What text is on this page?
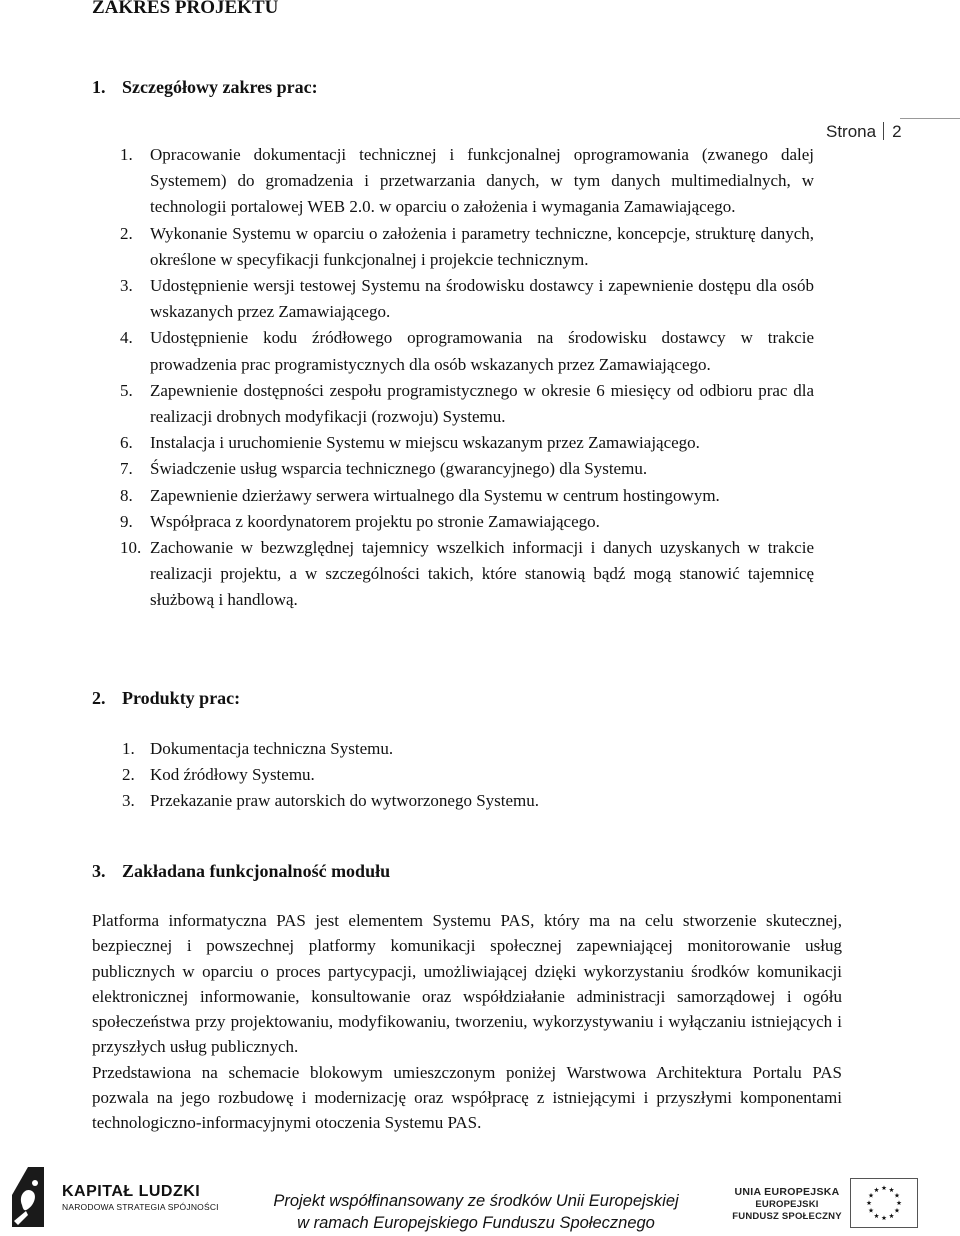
ZAKRES PROJEKTU
Strona 2
1. Szczegółowy zakres prac:
1. Opracowanie dokumentacji technicznej i funkcjonalnej oprogramowania (zwanego dalej Systemem) do gromadzenia i przetwarzania danych, w tym danych multimedialnych, w technologii portalowej WEB 2.0. w oparciu o założenia i wymagania Zamawiającego.
2. Wykonanie Systemu w oparciu o założenia i parametry techniczne, koncepcje, strukturę danych, określone w specyfikacji funkcjonalnej i projekcie technicznym.
3. Udostępnienie wersji testowej Systemu na środowisku dostawcy i zapewnienie dostępu dla osób wskazanych przez Zamawiającego.
4. Udostępnienie kodu źródłowego oprogramowania na środowisku dostawcy w trakcie prowadzenia prac programistycznych dla osób wskazanych przez Zamawiającego.
5. Zapewnienie dostępności zespołu programistycznego w okresie 6 miesięcy od odbioru prac dla realizacji drobnych modyfikacji (rozwoju) Systemu.
6. Instalacja i uruchomienie Systemu w miejscu wskazanym przez Zamawiającego.
7. Świadczenie usług wsparcia technicznego (gwarancyjnego) dla Systemu.
8. Zapewnienie dzierżawy serwera wirtualnego dla Systemu w centrum hostingowym.
9. Współpraca z koordynatorem projektu po stronie Zamawiającego.
10. Zachowanie w bezwzględnej tajemnicy wszelkich informacji i danych uzyskanych w trakcie realizacji projektu, a w szczególności takich, które stanowią bądź mogą stanowić tajemnicę służbową i handlową.
2. Produkty prac:
1. Dokumentacja techniczna Systemu.
2. Kod źródłowy Systemu.
3. Przekazanie praw autorskich do wytworzonego Systemu.
3. Zakładana funkcjonalność modułu

Platforma informatyczna PAS jest elementem Systemu PAS, który ma na celu stworzenie skutecznej, bezpiecznej i powszechnej platformy komunikacji społecznej zapewniającej monitorowanie usług publicznych w oparciu o proces partycypacji, umożliwiającej dzięki wykorzystaniu środków komunikacji elektronicznej informowanie, konsultowanie oraz współdziałanie administracji samorządowej i ogółu społeczeństwa przy projektowaniu, modyfikowaniu, tworzeniu, wykorzystywaniu i wyłączaniu istniejących i przyszłych usług publicznych.

Przedstawiona na schemacie blokowym umieszczonym poniżej Warstwowa Architektura Portalu PAS pozwala na jego rozbudowę i modernizację oraz współpracę z istniejącymi i przyszłymi komponentami technologiczno-informacyjnymi otoczenia Systemu PAS.

KAPITAŁ LUDZKI
NARODOWA STRATEGIA SPÓJNOŚCI	Projekt współfinansowany ze środków Unii Europejskiej
w ramach Europejskiego Funduszu Społecznego
UNIA EUROPEJSKA
EUROPEJSKI
FUNDUSZ SPOŁECZNY
